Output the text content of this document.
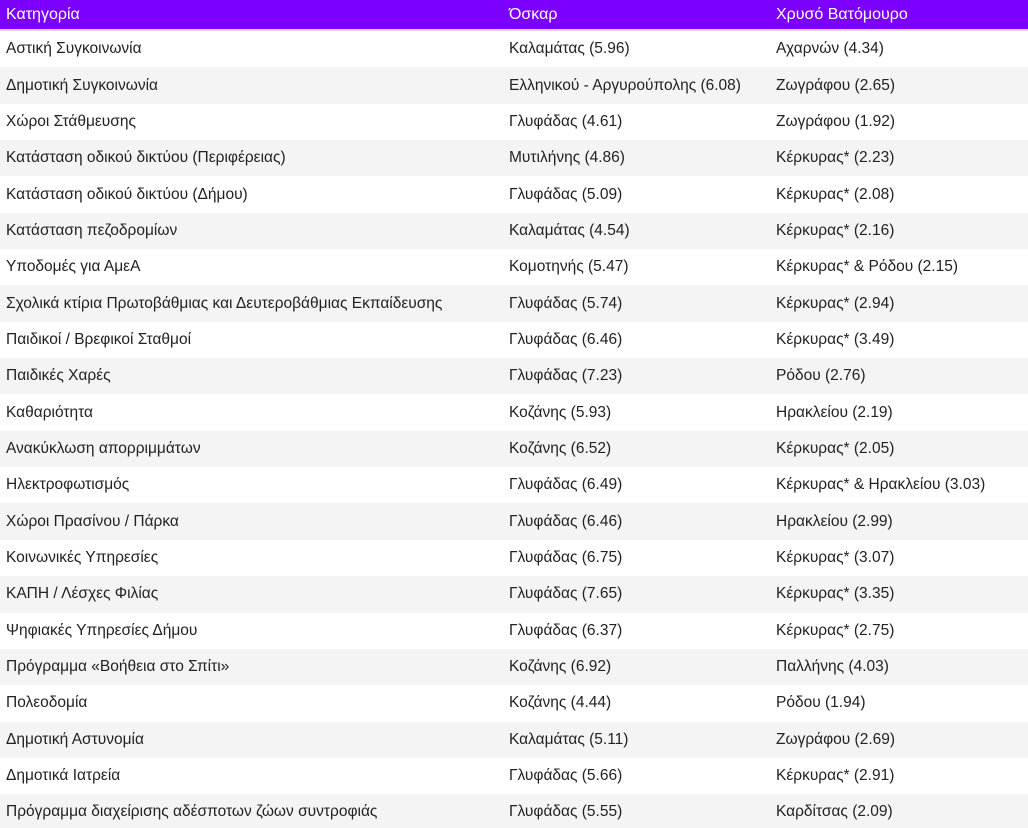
Κατηγορία	Όσκαρ	Χρυσό Βατόμουρο
Αστική Συγκοινωνία	Καλαμάτας (5.96)	Αχαρνών (4.34)
Δημοτική Συγκοινωνία	Ελληνικού - Αργυρούπολης (6.08)	Ζωγράφου (2.65)
Χώροι Στάθμευσης	Γλυφάδας (4.61)	Ζωγράφου (1.92)
Κατάσταση οδικού δικτύου (Περιφέρειας)	Μυτιλήνης (4.86)	Κέρκυρας* (2.23)
Κατάσταση οδικού δικτύου (Δήμου)	Γλυφάδας (5.09)	Κέρκυρας* (2.08)
Κατάσταση πεζοδρομίων	Καλαμάτας (4.54)	Κέρκυρας* (2.16)
Υποδομές για ΑμεΑ	Κομοτηνής (5.47)	Κέρκυρας* & Ρόδου (2.15)
Σχολικά κτίρια Πρωτοβάθμιας και Δευτεροβάθμιας Εκπαίδευσης	Γλυφάδας (5.74)	Κέρκυρας* (2.94)
Παιδικοί / Βρεφικοί Σταθμοί	Γλυφάδας (6.46)	Κέρκυρας* (3.49)
Παιδικές Χαρές	Γλυφάδας (7.23)	Ρόδου (2.76)
Καθαριότητα	Κοζάνης (5.93)	Ηρακλείου (2.19)
Ανακύκλωση απορριμμάτων	Κοζάνης (6.52)	Κέρκυρας* (2.05)
Ηλεκτροφωτισμός	Γλυφάδας (6.49)	Κέρκυρας* & Ηρακλείου (3.03)
Χώροι Πρασίνου / Πάρκα	Γλυφάδας (6.46)	Ηρακλείου (2.99)
Κοινωνικές Υπηρεσίες	Γλυφάδας (6.75)	Κέρκυρας* (3.07)
ΚΑΠΗ / Λέσχες Φιλίας	Γλυφάδας (7.65)	Κέρκυρας* (3.35)
Ψηφιακές Υπηρεσίες Δήμου	Γλυφάδας (6.37)	Κέρκυρας* (2.75)
Πρόγραμμα «Βοήθεια στο Σπίτι»	Κοζάνης (6.92)	Παλλήνης (4.03)
Πολεοδομία	Κοζάνης (4.44)	Ρόδου (1.94)
Δημοτική Αστυνομία	Καλαμάτας (5.11)	Ζωγράφου (2.69)
Δημοτικά Ιατρεία	Γλυφάδας (5.66)	Κέρκυρας* (2.91)
Πρόγραμμα διαχείρισης αδέσποτων ζώων συντροφιάς	Γλυφάδας (5.55)	Καρδίτσας (2.09)
